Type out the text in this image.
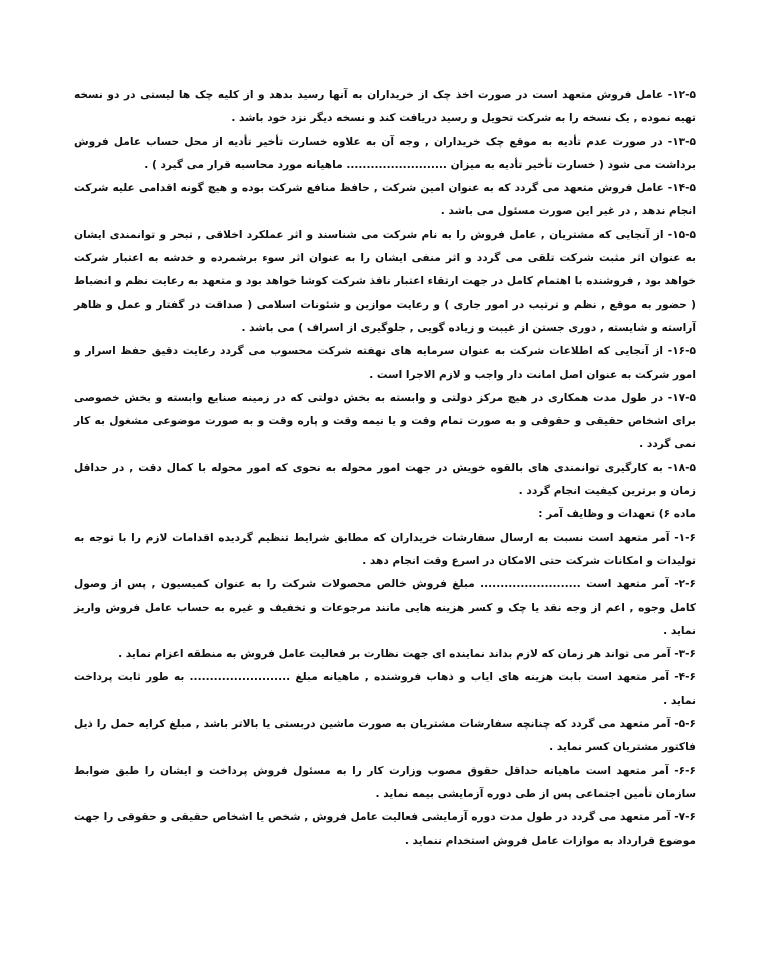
۱۲-۵- عامل فروش متعهد است در صورت اخذ چک از خریداران به آنها رسید بدهد و از کلیه چک ها لیستی در دو نسخه تهیه نموده , یک نسخه را به شرکت تحویل و رسید دریافت کند و نسخه دیگر نزد خود باشد .

۱۳-۵- در صورت عدم تأدیه به موقع چک خریداران , وجه آن به علاوه خسارت تأخیر تأدیه از محل حساب عامل فروش برداشت می شود ( خسارت تأخیر تأدیه به میزان ......................... ماهیانه مورد محاسبه قرار می گیرد ) .

۱۴-۵- عامل فروش متعهد می گردد که به عنوان امین شرکت , حافظ منافع شرکت بوده و هیچ گونه اقدامی علیه شرکت انجام ندهد , در غیر این صورت مسئول می باشد .

۱۵-۵- از آنجایی که مشتریان , عامل فروش را به نام شرکت می شناسند و اثر عملکرد اخلاقی , تبحر و توانمندی ایشان به عنوان اثر مثبت شرکت تلقی می گردد و اثر منفی ایشان را به عنوان اثر سوء برشمرده و خدشه به اعتبار شرکت خواهد بود , فروشنده با اهتمام کامل در جهت ارتقاء اعتبار نافذ شرکت کوشا خواهد بود و متعهد به رعایت نظم و انضباط ( حضور به موقع , نظم و ترتیب در امور جاری ) و رعایت موازین و شئونات اسلامی ( صداقت در گفتار و عمل و ظاهر آراسته و شایسته , دوری جستن از غیبت و زیاده گویی , جلوگیری از اسراف ) می باشد .

۱۶-۵- از آنجایی که اطلاعات شرکت به عنوان سرمایه های نهفته شرکت محسوب می گردد رعایت دقیق حفظ اسرار و امور شرکت به عنوان اصل امانت دار واجب و لازم الاجرا است .

۱۷-۵- در طول مدت همکاری در هیچ مرکز دولتی و وابسته به بخش دولتی که در زمینه صنایع وابسته و بخش خصوصی برای اشخاص حقیقی و حقوقی و به صورت تمام وقت و یا نیمه وقت و پاره وقت و به صورت موضوعی مشغول به کار نمی گردد .

۱۸-۵- به کارگیری توانمندی های بالقوه خویش در جهت امور محوله به نحوی که امور محوله با کمال دقت , در حداقل زمان و برترین کیفیت انجام گردد .

ماده ۶) تعهدات و وظایف آمر :

۱-۶- آمر متعهد است نسبت به ارسال سفارشات خریداران که مطابق شرایط تنظیم گردیده اقدامات لازم را با توجه به تولیدات و امکانات شرکت حتی الامکان در اسرع وقت انجام دهد .

۲-۶- آمر متعهد است ......................... مبلغ فروش خالص محصولات شرکت را به عنوان کمیسیون , پس از وصول کامل وجوه , اعم از وجه نقد یا چک و کسر هزینه هایی مانند مرجوعات و تخفیف و غیره به حساب عامل فروش واریز نماید .

۳-۶- آمر می تواند هر زمان که لازم بداند نماینده ای جهت نظارت بر فعالیت عامل فروش به منطقه اعزام نماید .

۴-۶- آمر متعهد است بابت هزینه های ایاب و ذهاب فروشنده , ماهیانه مبلغ ......................... به طور ثابت پرداخت نماید .

۵-۶- آمر متعهد می گردد که چنانچه سفارشات مشتریان به صورت ماشین دربستی یا بالاتر باشد , مبلغ کرایه حمل را ذیل فاکتور مشتریان کسر نماید .

۶-۶- آمر متعهد است ماهیانه حداقل حقوق مصوب وزارت کار را به مسئول فروش پرداخت و ایشان را طبق ضوابط سازمان تأمین اجتماعی پس از طی دوره آزمایشی بیمه نماید .

۷-۶- آمر متعهد می گردد در طول مدت دوره آزمایشی فعالیت عامل فروش , شخص یا اشخاص حقیقی و حقوقی را جهت موضوع قرارداد به موازات عامل فروش استخدام ننماید .
